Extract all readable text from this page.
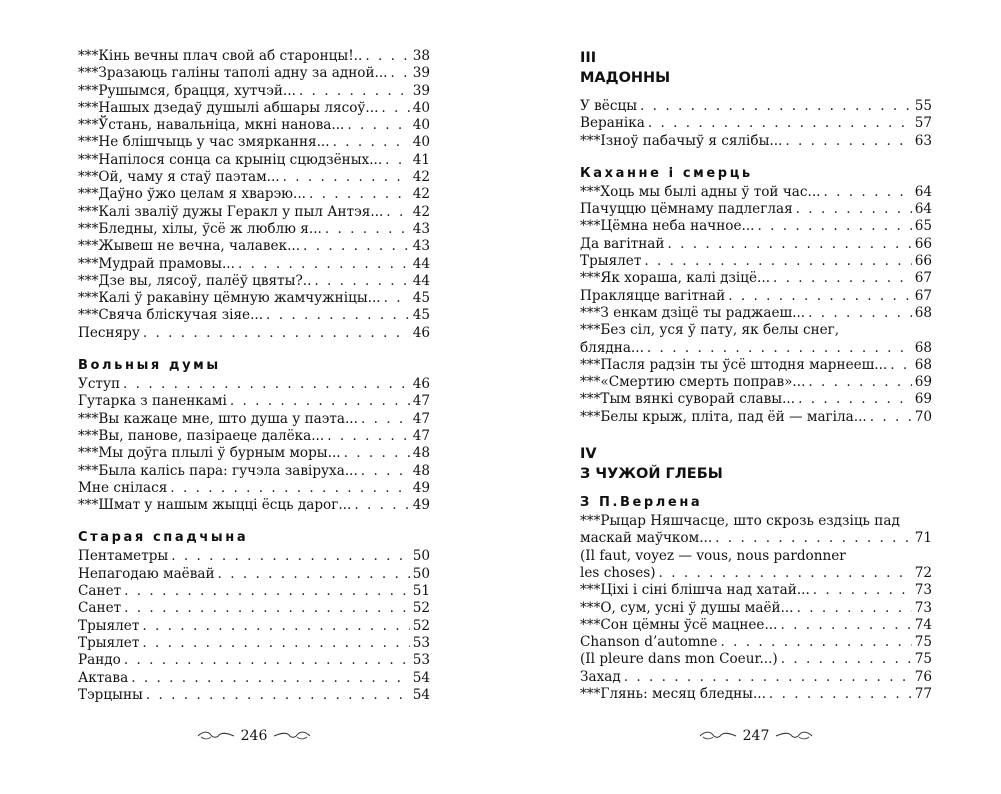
***Кінь вечны плач свой аб старонцы!.. . . .	38
***Зразаюць галіны таполі адну за адной... . . . 39
***Рушымся, брацця, хутчэй... . . .	39
***Нашых дзедаў душылі абшары лясоў... . . .	40
***Ўстань, навальніца, мкні нанова... . . .	40
***Не блішчыць у час змяркання... . . .	40
***Напілося сонца са крыніц сцюдзёных... . . . 41
***Ой, чаму я стаў паэтам... . . .	42
***Даўно ўжо целам я хварэю... . . .	42
***Калі зваліў дужы Геракл у пыл Антэя... . . . 42
***Бледны, хілы, ўсё ж люблю я... . . .	43
***Жывеш не вечна, чалавек... . . .	43
***Мудрай прамовы... . . .	44
***Дзе вы, лясоў, палёў цвяты?.. . . .	44
***Калі ў ракавіну цёмную жамчужніцы... . . . 45
***Свяча блiскучая зіяе... . . .	45
Песняру . . .	46
Вольныя думы
Уступ . . .	46
Гутарка з паненкамі . . .	47
***Вы кажаце мне, што душа у паэта... . . .	47
***Вы, панове, пазіраеце далёка... . . .	47
***Мы доўга плылі ў бурным моры... . . .	48
***Была калісь пара: гучэла завіруха... . . .	48
Мне снілася . . .	49
***Шмат у нашым жыцці ёсць дарог... . . .	49
Старая спадчына
Пентаметры . . .	50
Непагодаю маёвай . . .	50
Санет . . .	51
Санет . . .	52
Трыялет . . .	52
Трыялет . . .	53
Рандо . . .	53
Актава . . .	54
Тэрцыны . . .	54
246
III
МАДОННЫ
У вёсцы . . .	55
Веранiка . . .	57
***Ізноў пабачыў я сялібы... . . .	63
Каханне і смерць
***Хоць мы былі адны ў той час... . . .	64
Пачуццю цёмнаму падлеглая . . .	64
***Цёмна неба начное... . . .	65
Да вагітнай . . .	66
Трыялет . . .	66
***Як хораша, калі дзіцё... . . .	67
Пракляцце вагітнай . . .	67
***З енкам дзіцё ты раджаеш... . . .	68
***Без сіл, уся ў пату, як белы снег,
бляднa... . . .	68
***Пасля радзін ты ўсё штодня марнееш... . . . 68
***«Смертию смерть поправ»... . . .	69
***Тым вянкі суворай славы... . . .	69
***Белы крыж, пліта, пад ёй — магіла... . . .	70
IV
З ЧУЖОЙ ГЛЕБЫ
З П.Верлена
***Рыцар Няшчасце, што скрозь ездзіць пад
маскай маўчком... . . .	71
(Il faut, voyez — vous, nous pardonner
les choses) . . .	72
***Ціхі і сіні блішча над хатай... . . .	73
***О, сум, усні ў душы маёй... . . .	73
***Сон цёмны ўсё мацнее... . . .	74
Chanson d’automne . . .	75
(Il pleure dans mon Coeur...) . . .	75
Захад . . .	76
***Глянь: месяц бледны... . . .	77
247
